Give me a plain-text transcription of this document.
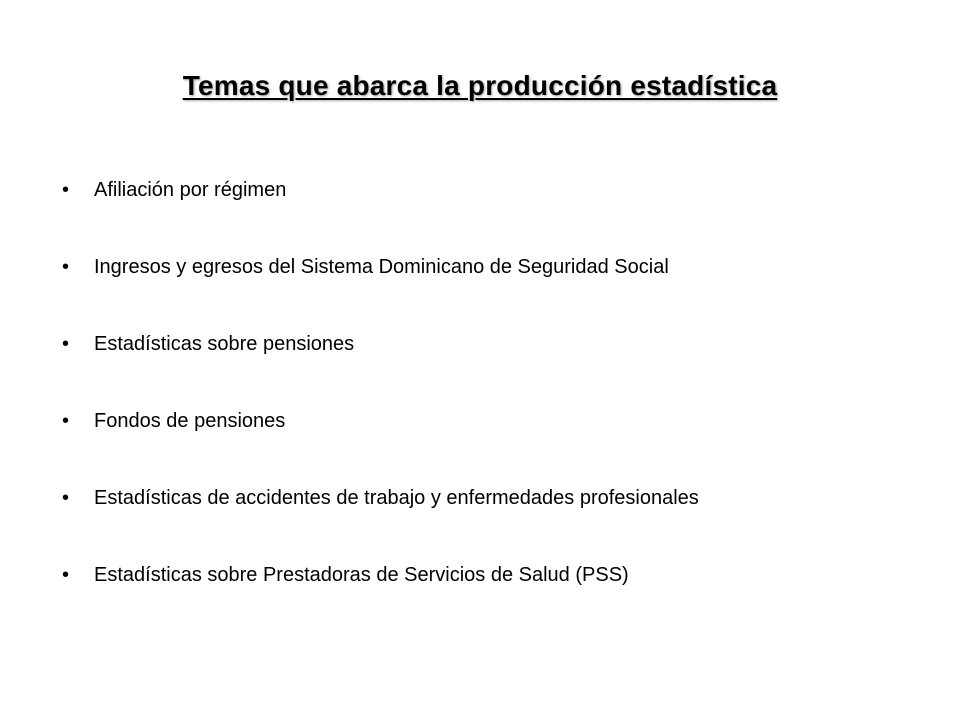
Temas que abarca la producción estadística
• Afiliación por régimen
• Ingresos y egresos del Sistema Dominicano de Seguridad Social
• Estadísticas sobre pensiones
• Fondos de pensiones
• Estadísticas de accidentes de trabajo y enfermedades profesionales
• Estadísticas sobre Prestadoras de Servicios de Salud (PSS)
